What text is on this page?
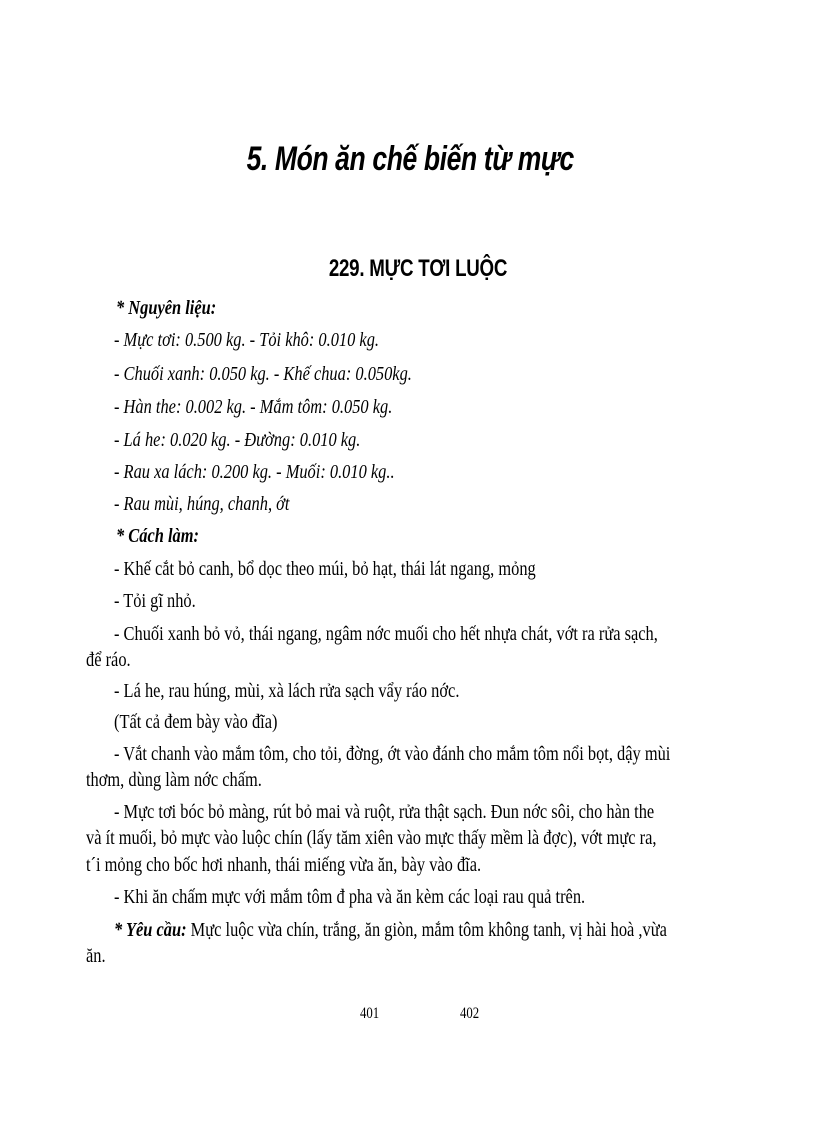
5. Món ăn chế biến từ mực
229. MỰC TƠI LUỘC
* Nguyên liệu:
- Mực tơi: 0.500 kg. - Tỏi khô: 0.010 kg.
- Chuối xanh: 0.050 kg. - Khế chua: 0.050kg.
- Hàn the: 0.002 kg. - Mắm tôm: 0.050 kg.
- Lá he: 0.020 kg. - Đường: 0.010 kg.
- Rau xa lách: 0.200 kg. - Muối: 0.010 kg..
- Rau mùi, húng, chanh, ớt
* Cách làm:
- Khế cắt bỏ canh, bổ dọc theo múi, bỏ hạt, thái lát ngang, mỏng
- Tỏi gĩ nhỏ.
- Chuối xanh bỏ vỏ, thái ngang, ngâm nớc muối cho hết nhựa chát, vớt ra rửa sạch,
để ráo.
- Lá he, rau húng, mùi, xà lách rửa sạch vẩy ráo nớc.
(Tất cả đem bày vào đĩa)
- Vắt chanh vào mắm tôm, cho tỏi, đờng, ớt vào đánh cho mắm tôm nổi bọt, dậy mùi
thơm, dùng làm nớc chấm.
- Mực tơi bóc bỏ màng, rút bỏ mai và ruột, rửa thật sạch. Đun nớc sôi, cho hàn the
và ít muối, bỏ mực vào luộc chín (lấy tăm xiên vào mực thấy mềm là đợc), vớt mực ra,
t´i mỏng cho bốc hơi nhanh, thái miếng vừa ăn, bày vào đĩa.
- Khi ăn chấm mực với mắm tôm đ pha và ăn kèm các loại rau quả trên.
* Yêu cầu: Mực luộc vừa chín, trắng, ăn giòn, mắm tôm không tanh, vị hài hoà ,vừa
ăn.
401	402
